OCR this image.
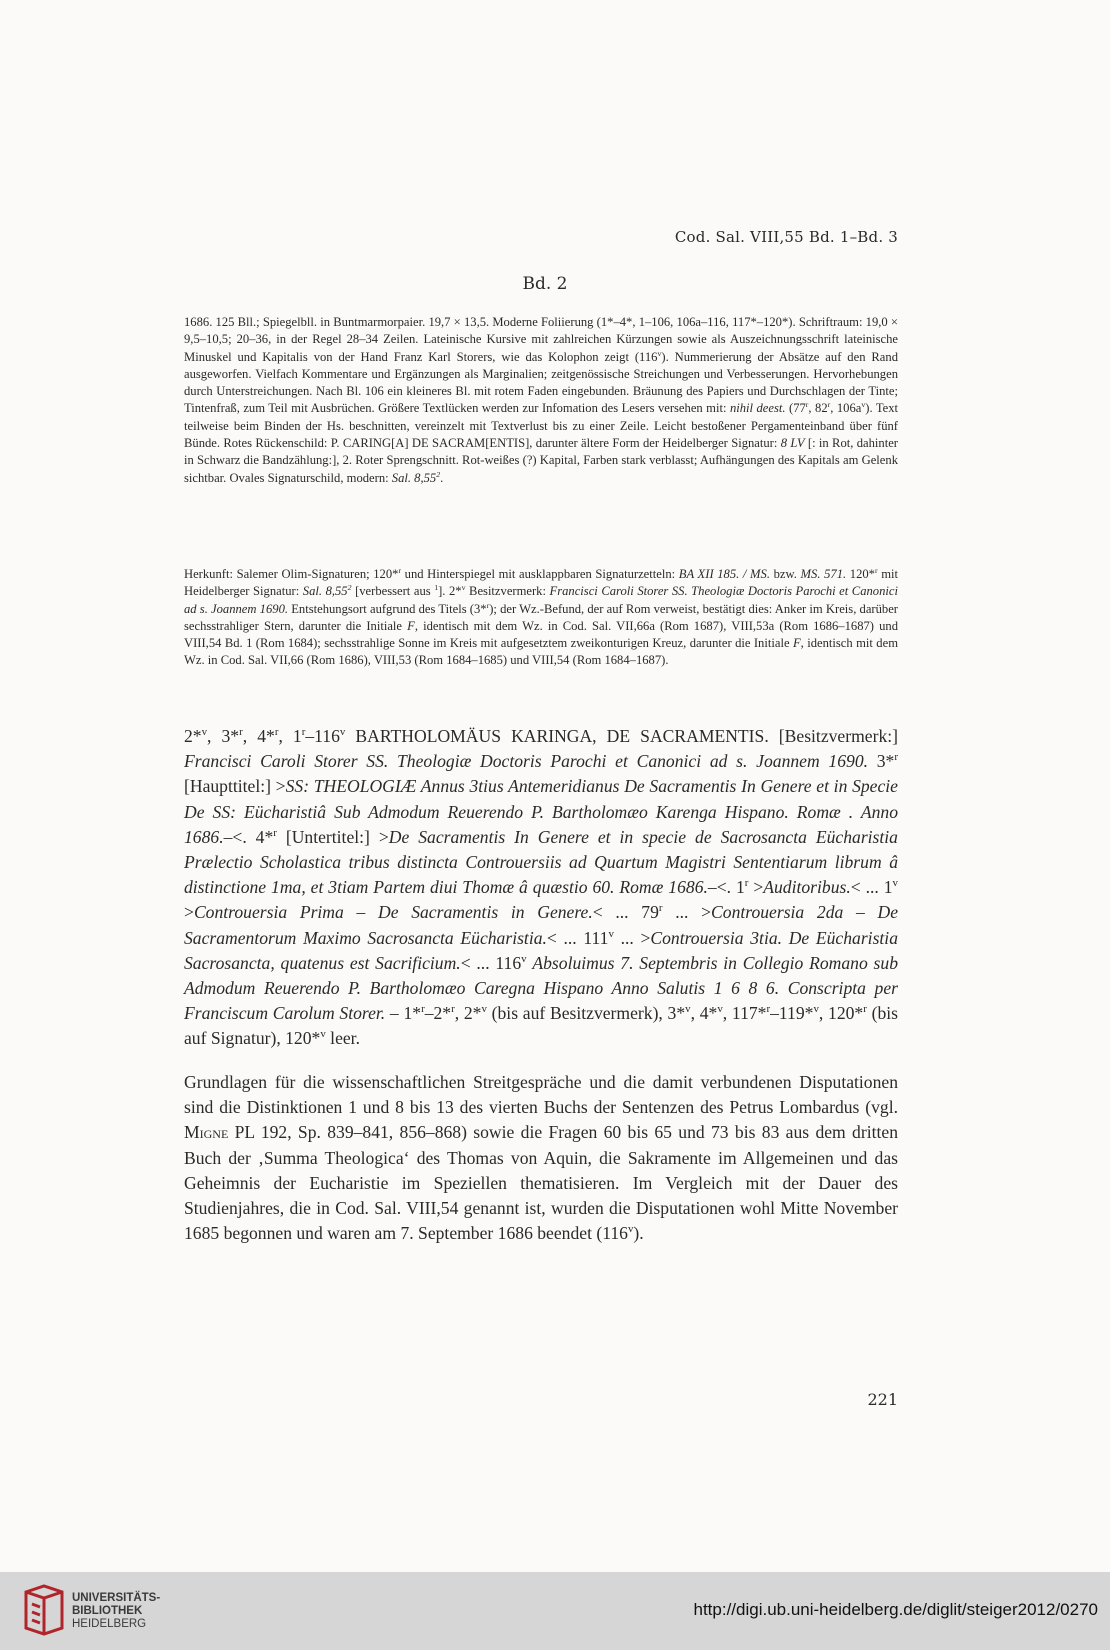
Cod. Sal. VIII,55 Bd. 1–Bd. 3
Bd. 2

1686. 125 Bll.; Spiegelbll. in Buntmarmorpaier. 19,7 × 13,5. Moderne Foliierung (1*–4*, 1–106, 106a–116, 117*–120*). Schriftraum: 19,0 × 9,5–10,5; 20–36, in der Regel 28–34 Zeilen. Lateinische Kursive mit zahlreichen Kürzungen sowie als Auszeichnungsschrift lateinische Minuskel und Kapitalis von der Hand Franz Karl Storers, wie das Kolophon zeigt (116$^v$). Nummerierung der Absätze auf den Rand ausgeworfen. Vielfach Kommentare und Ergänzungen als Marginalien; zeitgenössische Streichungen und Verbesserungen. Hervorhebungen durch Unterstreichungen. Nach Bl. 106 ein kleineres Bl. mit rotem Faden eingebunden. Bräunung des Papiers und Durchschlagen der Tinte; Tintenfraß, zum Teil mit Ausbrüchen. Größere Textlücken werden zur Infomation des Lesers versehen mit: nihil deest. (77$^r$, 82$^r$, $106a^v$). Text teilweise beim Binden der Hs. beschnitten, vereinzelt mit Textverlust bis zu einer Zeile. Leicht bestoßener Pergamenteinband über fünf Bünde. Rotes Rückenschild: P. CARING[A] DE SACRAM[ENTIS], darunter ältere Form der Heidelberger Signatur: 8 LV [: in Rot, dahinter in Schwarz die Bandzählung:], 2. Roter Sprengschnitt. Rot-weißes (?) Kapital, Farben stark verblasst; Aufhängungen des Kapitals am Gelenk sichtbar. Ovales Signaturschild, modern: Sal. 8,55$^2$.

Herkunft: Salemer Olim-Signaturen; 120*$^r$ und Hinterspiegel mit ausklappbaren Signaturzetteln: BA XII 185. / MS. bzw. MS. 571. 120*$^r$ mit Heidelberger Signatur: Sal. 8,55$^2$ [verbessert aus $^1$]. 2*$^v$ Besitzvermerk: Francisci Caroli Storer SS. Theologiæ Doctoris Parochi et Canonici ad s. Joannem 1690. Entstehungsort aufgrund des Titels (3*$^r$); der Wz.-Befund, der auf Rom verweist, bestätigt dies: Anker im Kreis, darüber sechsstrahliger Stern, darunter die Initiale F, identisch mit dem Wz. in Cod. Sal. VII,66a (Rom 1687), VIII,53a (Rom 1686–1687) und VIII,54 Bd. 1 (Rom 1684); sechsstrahlige Sonne im Kreis mit aufgesetztem zweikonturigen Kreuz, darunter die Initiale F, identisch mit dem Wz. in Cod. Sal. VII,66 (Rom 1686), VIII,53 (Rom 1684–1685) und VIII,54 (Rom 1684–1687).

2*$^v$, 3*$^r$, 4*$^r$, 1$^r$–116$^v$ BARTHOLOMÄUS KARINGA, DE SACRAMENTIS. [Besitzvermerk:] Francisci Caroli Storer SS. Theologiæ Doctoris Parochi et Canonici ad s. Joannem 1690. 3*$^r$ [Haupttitel:] >SS: THEOLOGIÆ Annus 3tius Antemeridianus De Sacramentis In Genere et in Specie De SS: Eücharistiâ Sub Admodum Reuerendo P. Bartholomæo Karenga Hispano. Romæ . Anno 1686.–<. 4*$^r$ [Untertitel:] >De Sacramentis In Genere et in specie de Sacrosancta Eücharistia Prælectio Scholastica tribus distincta Controuersiis ad Quartum Magistri Sententiarum librum â distinctione 1ma, et 3tiam Partem diui Thomæ â quæstio 60. Romæ 1686.–<. $1^r$ >Auditoribus.< ... $1^v$ >Controuersia Prima – De Sacramentis in Genere.< ... 79$^r$ ... >Controuersia 2da – De Sacramentorum Maximo Sacrosancta Eücharistia.< ... 111$^v$ ... >Controuersia 3tia. De Eücharistia Sacrosancta, quatenus est Sacrificium.< ... 116$^v$ Absoluimus 7. Septembris in Collegio Romano sub Admodum Reuerendo P. Bartholomæo Caregna Hispano Anno Salutis 1 6 8 6. Conscripta per Franciscum Carolum Storer. – 1*$^r$–2*$^r$, 2*$^v$ (bis auf Besitzvermerk), 3*$^v$, 4*$^v$, 117*$^r$–119*$^v$, 120*$^r$ (bis auf Signatur), 120*$^v$ leer.

Grundlagen für die wissenschaftlichen Streitgespräche und die damit verbundenen Disputationen sind die Distinktionen 1 und 8 bis 13 des vierten Buchs der Sentenzen des Petrus Lombardus (vgl. Migne PL 192, Sp. 839–841, 856–868) sowie die Fragen 60 bis 65 und 73 bis 83 aus dem dritten Buch der ‚Summa Theologica‘ des Thomas von Aquin, die Sakramente im Allgemeinen und das Geheimnis der Eucharistie im Speziellen thematisieren. Im Vergleich mit der Dauer des Studienjahres, die in Cod. Sal. VIII,54 genannt ist, wurden die Disputationen wohl Mitte November 1685 begonnen und waren am 7. September 1686 beendet (116$^v$).

221
UNIVERSITÄTS-
BIBLIOTHEK
HEIDELBERG
http://digi.ub.uni-heidelberg.de/diglit/steiger2012/0270
